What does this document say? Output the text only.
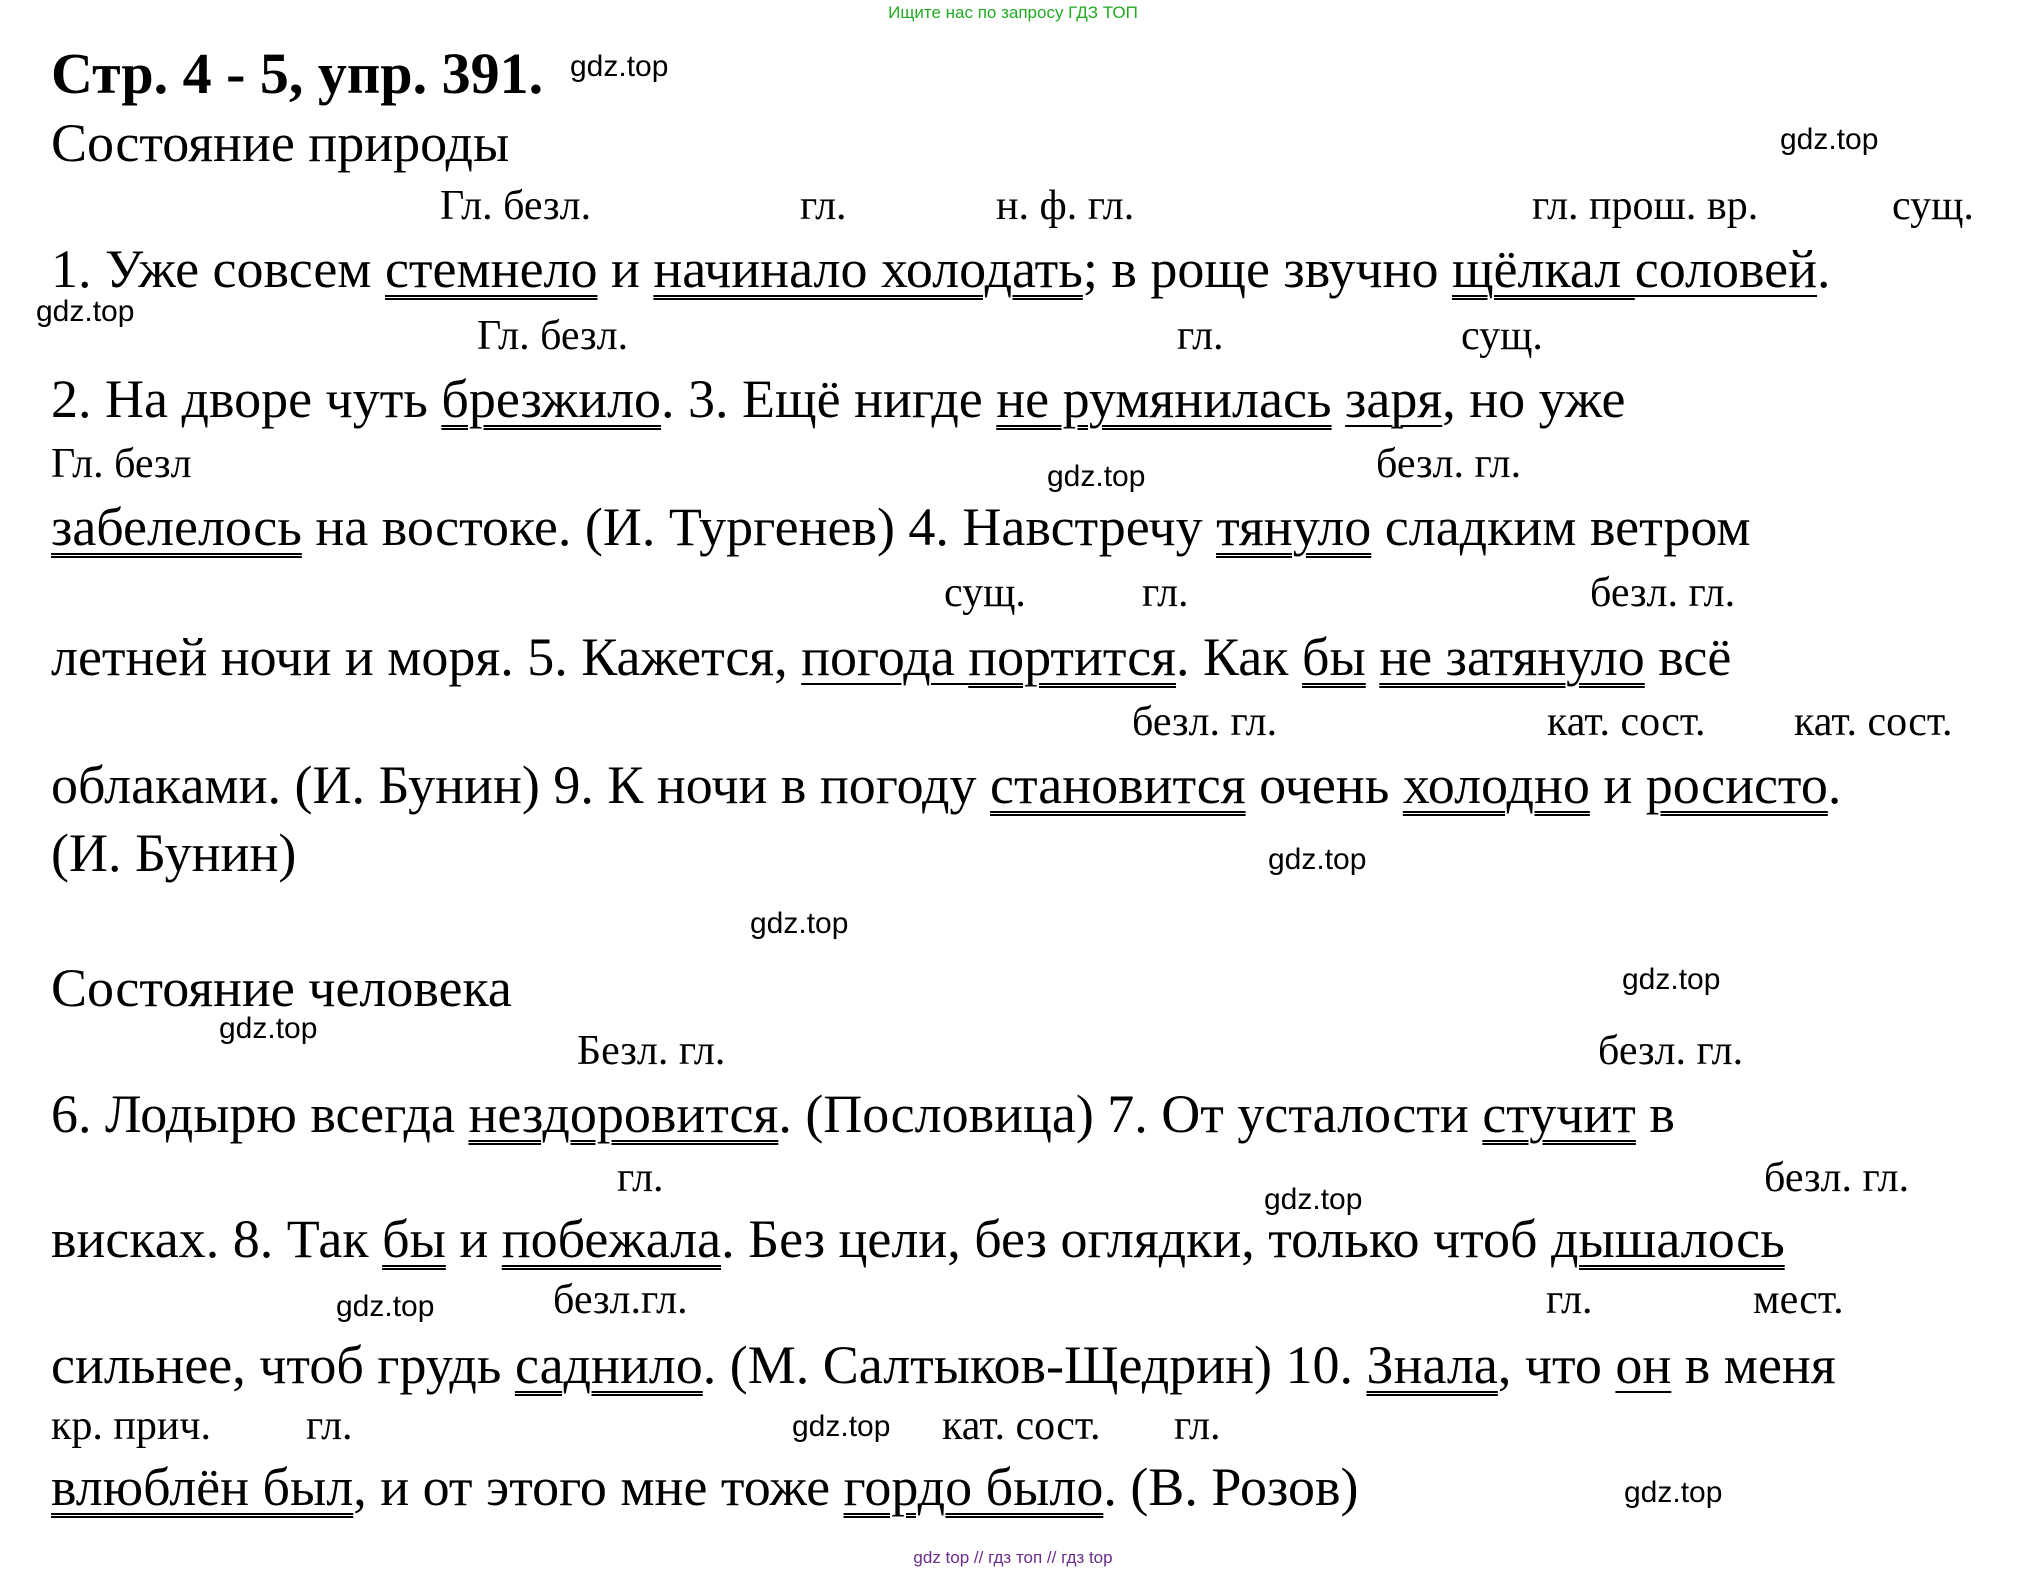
Ищите нас по запросу ГДЗ ТОП
Стр. 4 - 5, упр. 391. gdz.top
Состояние природы	gdz.top
Гл. безл.	гл.	н. ф. гл.	гл. прош. вр.	сущ.
1. Уже совсем стемнело и начинало холодать; в роще звучно щёлкал соловей.
gdz.top
Гл. безл.	гл.	сущ.
2. На дворе чуть брезжило. 3. Ещё нигде не румянилась заря, но уже
Гл. безл	gdz.top	безл. гл.
забелелось на востоке. (И. Тургенев) 4. Навстречу тянуло сладким ветром
сущ.	гл.	безл. гл.
летней ночи и моря. 5. Кажется, погода портится. Как бы не затянуло всё
безл. гл.	кат. сост. кат. сост.
облаками. (И. Бунин) 9. К ночи в погоду становится очень холодно и росисто.
(И. Бунин)	gdz.top
gdz.top
Состояние человека	gdz.top
gdz.top	Безл. гл.	безл. гл.
6. Лодырю всегда нездоровится. (Пословица) 7. От усталости стучит в
гл.	gdz.top	безл. гл.
висках. 8. Так бы и побежала. Без цели, без оглядки, только чтоб дышалось
gdz.top	безл.гл.	гл.	мест.
сильнее, чтоб грудь саднило. (М. Салтыков-Щедрин) 10. Знала, что он в меня
кр. прич. гл.	gdz.top кат. сост. гл.
влюблён был, и от этого мне тоже гордо было. (В. Розов)	gdz.top
gdz top // гдз топ // гдз top
